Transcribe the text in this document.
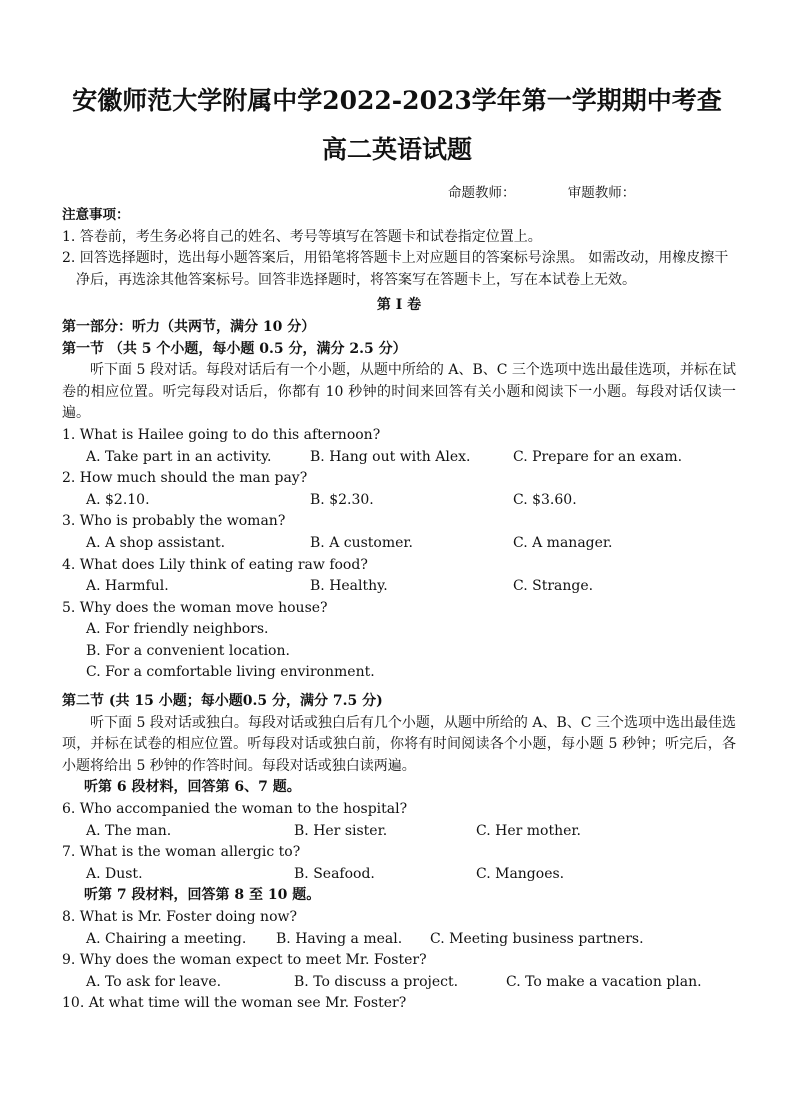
安徽师范大学附属中学2022-2023学年第一学期期中考查
高二英语试题
命题教师：	审题教师：
注意事项：
1. 答卷前，考生务必将自己的姓名、考号等填写在答题卡和试卷指定位置上。
2. 回答选择题时，选出每小题答案后，用铅笔将答题卡上对应题目的答案标号涂黑。 如需改动，用橡皮擦干净后，再选涂其他答案标号。回答非选择题时，将答案写在答题卡上，写在本试卷上无效。
第 I 卷
第一部分：听力（共两节，满分 10 分）
第一节 （共 5 个小题，每小题 0.5 分，满分 2.5 分）
听下面 5 段对话。每段对话后有一个小题，从题中所给的 A、B、C 三个选项中选出最佳选项，并标在试卷的相应位置。听完每段对话后，你都有 10 秒钟的时间来回答有关小题和阅读下一小题。每段对话仅读一遍。
1. What is Hailee going to do this afternoon?
A. Take part in an activity.	B. Hang out with Alex.	C. Prepare for an exam.
2. How much should the man pay?
A. $2.10.	B. $2.30.	C. $3.60.
3. Who is probably the woman?
A. A shop assistant.	B. A customer.	C. A manager.
4. What does Lily think of eating raw food?
A. Harmful.	B. Healthy.	C. Strange.
5. Why does the woman move house?
A. For friendly neighbors.
B. For a convenient location.
C. For a comfortable living environment.
第二节 (共 15 小题；每小题0.5 分，满分 7.5 分)
听下面 5 段对话或独白。每段对话或独白后有几个小题，从题中所给的 A、B、C 三个选项中选出最佳选项，并标在试卷的相应位置。听每段对话或独白前，你将有时间阅读各个小题，每小题 5 秒钟；听完后，各小题将给出 5 秒钟的作答时间。每段对话或独白读两遍。
听第 6 段材料，回答第 6、7 题。
6. Who accompanied the woman to the hospital?
A. The man.	B. Her sister.	C. Her mother.
7. What is the woman allergic to?
A. Dust.	B. Seafood.	C. Mangoes.
听第 7 段材料，回答第 8 至 10 题。
8. What is Mr. Foster doing now?
A. Chairing a meeting. B. Having a meal. C. Meeting business partners.
9. Why does the woman expect to meet Mr. Foster?
A. To ask for leave.	B. To discuss a project.	C. To make a vacation plan.
10. At what time will the woman see Mr. Foster?
